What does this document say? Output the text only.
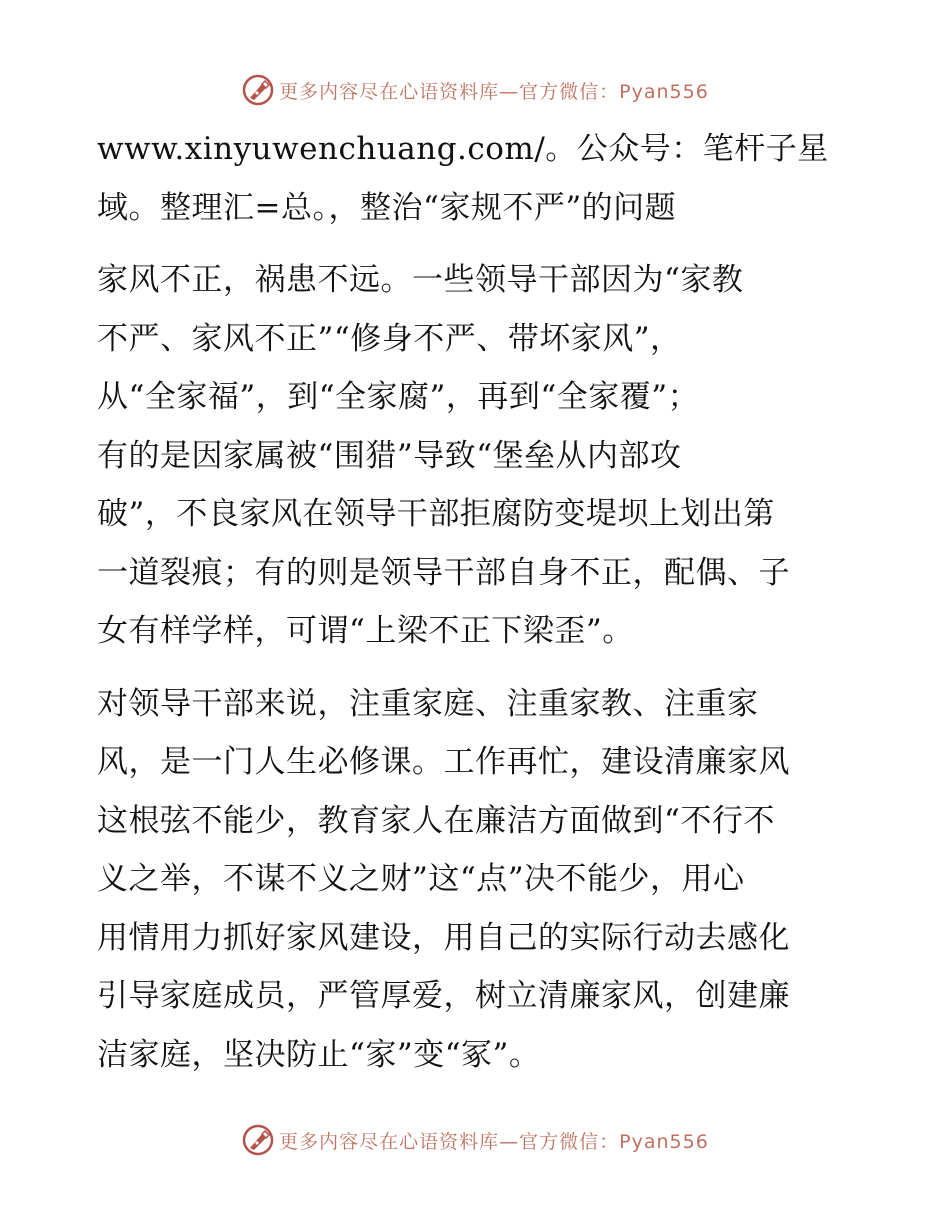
更多内容尽在心语资料库—官方微信：Pyan556
www.xinyuwenchuang.com/。公众号：笔杆子星
域。整理汇=总。，整治“家规不严”的问题
家风不正，祸患不远。一些领导干部因为“家教
不严、家风不正”“修身不严、带坏家风”，
从“全家福”，到“全家腐”，再到“全家覆”；
有的是因家属被“围猎”导致“堡垒从内部攻
破”，不良家风在领导干部拒腐防变堤坝上划出第
一道裂痕；有的则是领导干部自身不正，配偶、子
女有样学样，可谓“上梁不正下梁歪”。
对领导干部来说，注重家庭、注重家教、注重家
风，是一门人生必修课。工作再忙，建设清廉家风
这根弦不能少，教育家人在廉洁方面做到“不行不
义之举，不谋不义之财”这“点”决不能少，用心
用情用力抓好家风建设，用自己的实际行动去感化
引导家庭成员，严管厚爱，树立清廉家风，创建廉
洁家庭，坚决防止“家”变“冢”。
更多内容尽在心语资料库—官方微信：Pyan556
